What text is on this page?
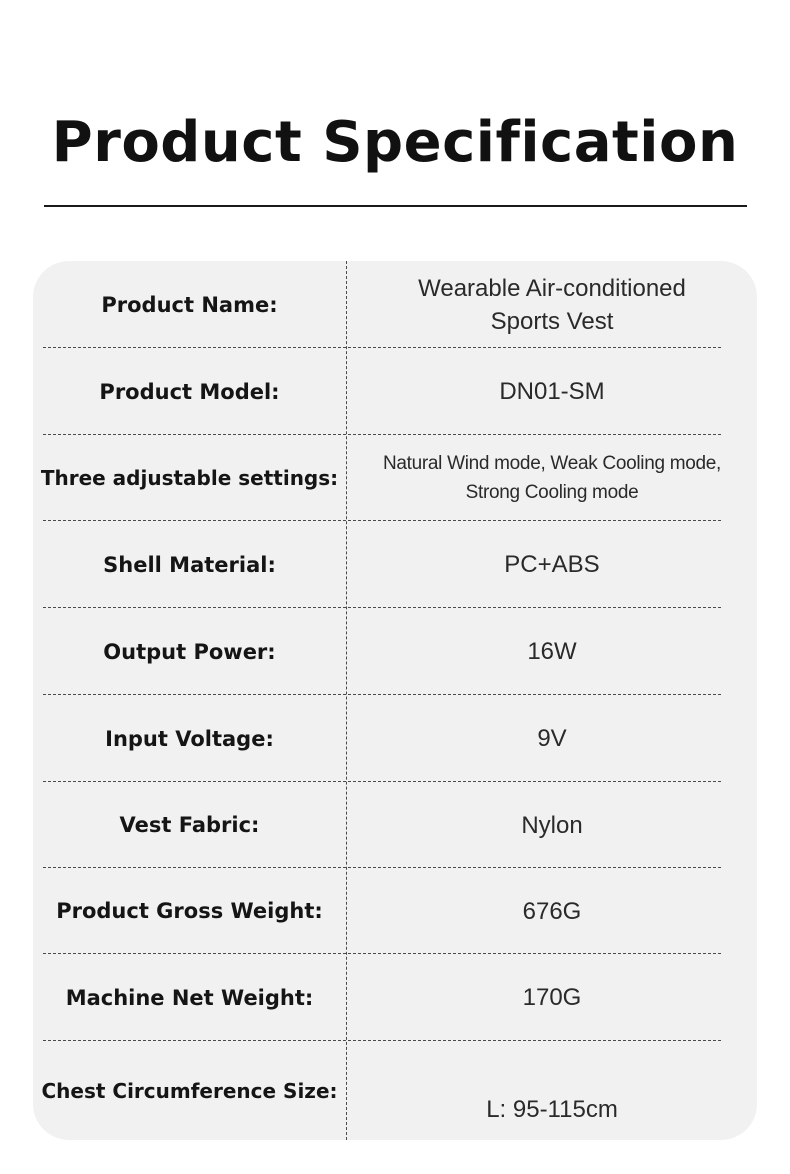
Product Specification
Product Name:
Wearable Air-conditioned Sports Vest
Product Model:	DN01-SM
Three adjustable settings:
Natural Wind mode, Weak Cooling mode, Strong Cooling mode
Shell Material:	PC+ABS
Output Power:	16W
Input Voltage:	9V
Vest Fabric:	Nylon
Product Gross Weight:	676G
Machine Net Weight:	170G
Chest Circumference Size:
L: 95-115cm
